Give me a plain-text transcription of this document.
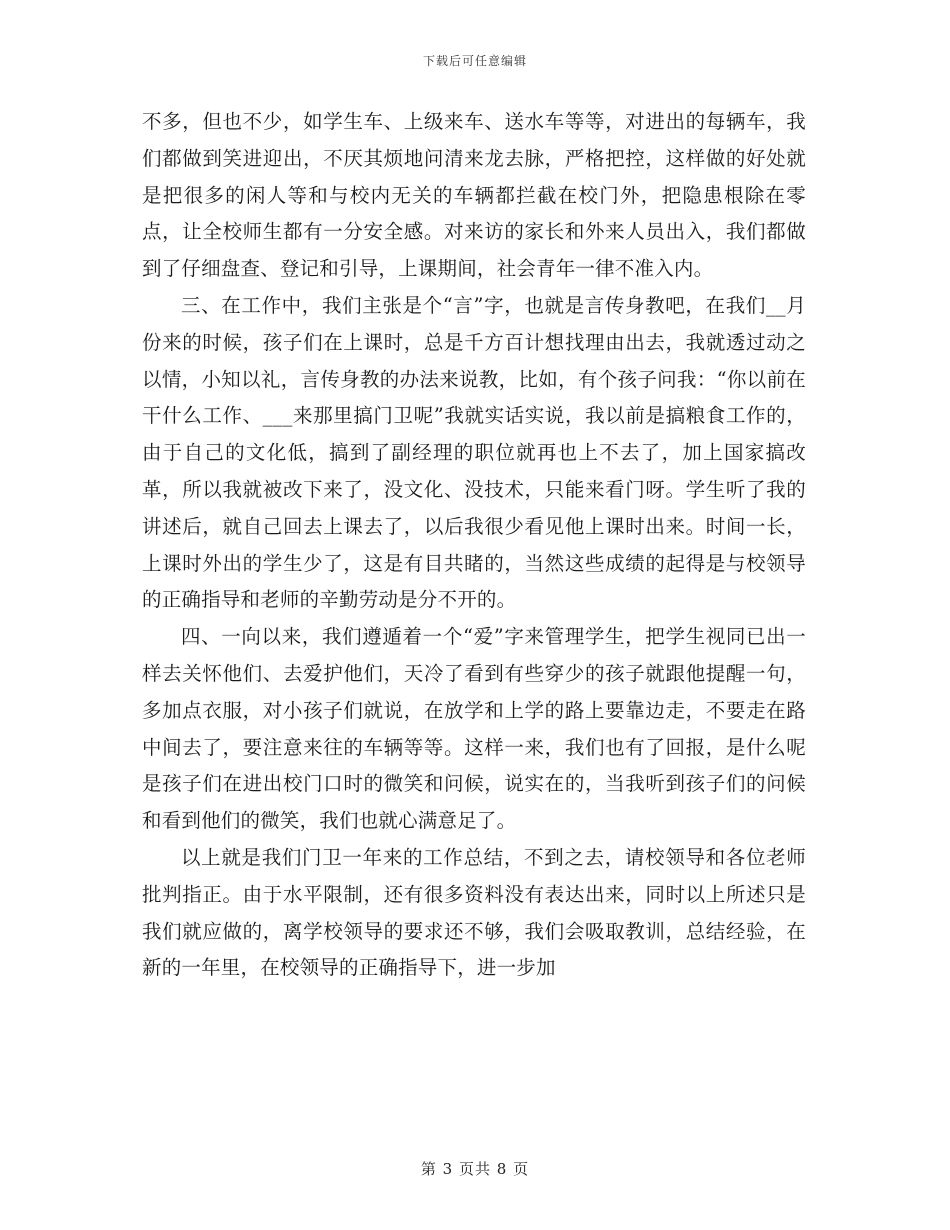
下载后可任意编辑

不多，但也不少，如学生车、上级来车、送水车等等，对进出的每辆车，我们都做到笑进迎出，不厌其烦地问清来龙去脉，严格把控，这样做的好处就是把很多的闲人等和与校内无关的车辆都拦截在校门外，把隐患根除在零点，让全校师生都有一分安全感。对来访的家长和外来人员出入，我们都做到了仔细盘查、登记和引导，上课期间，社会青年一律不准入内。

三、在工作中，我们主张是个“言”字，也就是言传身教吧，在我们__月份来的时候，孩子们在上课时，总是千方百计想找理由出去，我就透过动之以情，小知以礼，言传身教的办法来说教，比如，有个孩子问我：“你以前在干什么工作、___来那里搞门卫呢”我就实话实说，我以前是搞粮食工作的，由于自己的文化低，搞到了副经理的职位就再也上不去了，加上国家搞改革，所以我就被改下来了，没文化、没技术，只能来看门呀。学生听了我的讲述后，就自己回去上课去了，以后我很少看见他上课时出来。时间一长，上课时外出的学生少了，这是有目共睹的，当然这些成绩的起得是与校领导的正确指导和老师的辛勤劳动是分不开的。

四、一向以来，我们遵遁着一个“爱”字来管理学生，把学生视同已出一样去关怀他们、去爱护他们，天冷了看到有些穿少的孩子就跟他提醒一句，多加点衣服，对小孩子们就说，在放学和上学的路上要靠边走，不要走在路中间去了，要注意来往的车辆等等。这样一来，我们也有了回报，是什么呢是孩子们在进出校门口时的微笑和问候，说实在的，当我听到孩子们的问候和看到他们的微笑，我们也就心满意足了。

以上就是我们门卫一年来的工作总结，不到之去，请校领导和各位老师批判指正。由于水平限制，还有很多资料没有表达出来，同时以上所述只是我们就应做的，离学校领导的要求还不够，我们会吸取教训，总结经验，在新的一年里，在校领导的正确指导下，进一步加

第 3 页共 8 页
